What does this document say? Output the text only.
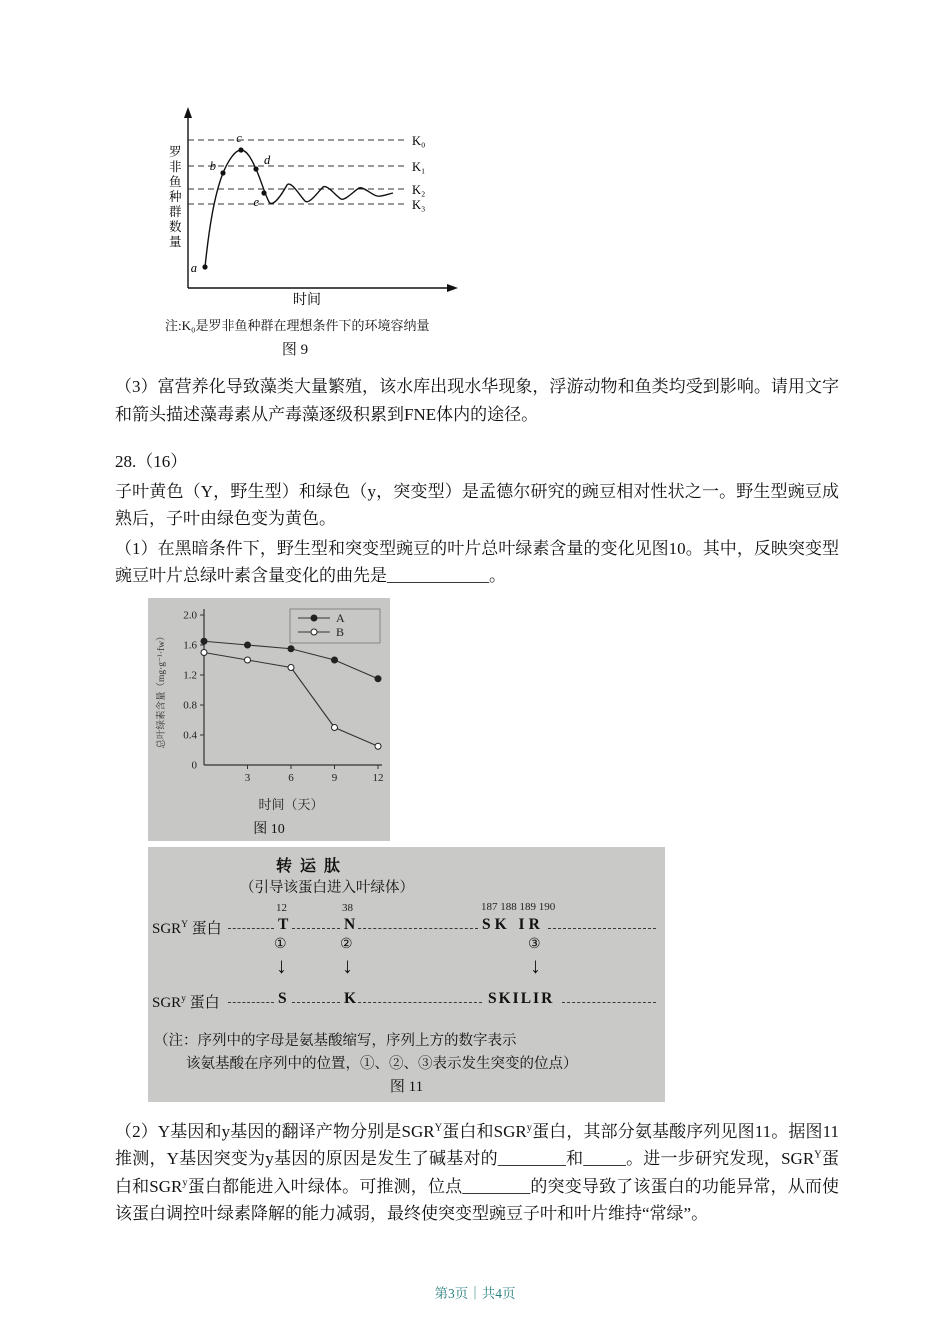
K₀
K₁
K₂
K₃
a
b
c
d
e
罗非鱼种群数量
时间
注:K₀是罗非鱼种群在理想条件下的环境容纳量
图 9

（3）富营养化导致藻类大量繁殖，该水库出现水华现象，浮游动物和鱼类均受到影响。请用文字和箭头描述藻毒素从产毒藻逐级积累到FNE体内的途径。

28.（16）

子叶黄色（Y，野生型）和绿色（y，突变型）是孟德尔研究的豌豆相对性状之一。野生型豌豆成熟后，子叶由绿色变为黄色。

（1）在黑暗条件下，野生型和突变型豌豆的叶片总叶绿素含量的变化见图10。其中，反映突变型豌豆叶片总绿叶素含量变化的曲先是____________。

0
0.4
0.8
1.2
1.6
2.0
3	6	9	12
A
B
总叶绿素含量（mg·g⁻¹·fw）
时间（天）
图 10
转运肽
（引导该蛋白进入叶绿体）
12	38	187 188 189 190
$SGR^Y$ 蛋白	T	N	SK IR
①	②	③
↓	↓	↓
SGR$^y$ 蛋白	S	K	SKILIR
（注：序列中的字母是氨基酸缩写，序列上方的数字表示
该氨基酸在序列中的位置，①、②、③表示发生突变的位点）
图 11

（2）Y基因和y基因的翻译产物分别是$SGR^Y$蛋白和SGR$^y$蛋白，其部分氨基酸序列见图11。据图11推测，Y基因突变为y基因的原因是发生了碱基对的________和_____。进一步研究发现，$SGR^Y$蛋白和SGR$^y$蛋白都能进入叶绿体。可推测，位点________的突变导致了该蛋白的功能异常，从而使该蛋白调控叶绿素降解的能力减弱，最终使突变型豌豆子叶和叶片维持“常绿”。

第3页｜共4页
